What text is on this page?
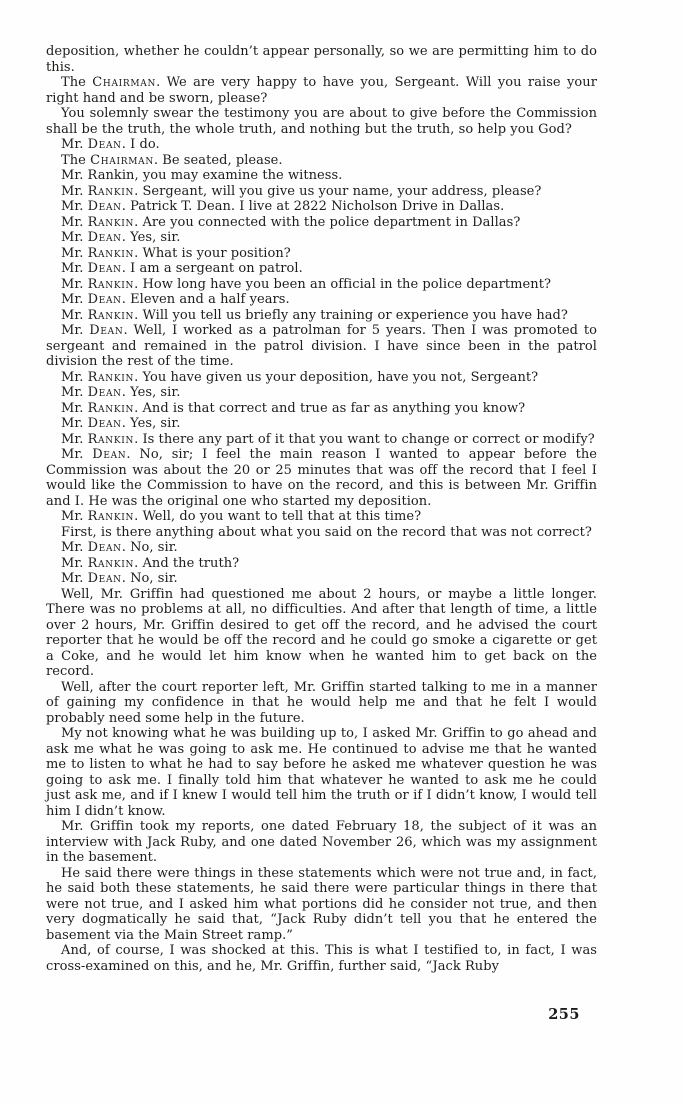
deposition, whether he couldn’t appear personally, so we are permitting him to do this.

The Chairman. We are very happy to have you, Sergeant. Will you raise your right hand and be sworn, please?

You solemnly swear the testimony you are about to give before the Commission shall be the truth, the whole truth, and nothing but the truth, so help you God?

Mr. Dean. I do.

The Chairman. Be seated, please.

Mr. Rankin, you may examine the witness.

Mr. Rankin. Sergeant, will you give us your name, your address, please?

Mr. Dean. Patrick T. Dean. I live at 2822 Nicholson Drive in Dallas.

Mr. Rankin. Are you connected with the police department in Dallas?

Mr. Dean. Yes, sir.

Mr. Rankin. What is your position?

Mr. Dean. I am a sergeant on patrol.

Mr. Rankin. How long have you been an official in the police department?

Mr. Dean. Eleven and a half years.

Mr. Rankin. Will you tell us briefly any training or experience you have had?

Mr. Dean. Well, I worked as a patrolman for 5 years. Then I was promoted to sergeant and remained in the patrol division. I have since been in the patrol division the rest of the time.

Mr. Rankin. You have given us your deposition, have you not, Sergeant?

Mr. Dean. Yes, sir.

Mr. Rankin. And is that correct and true as far as anything you know?

Mr. Dean. Yes, sir.

Mr. Rankin. Is there any part of it that you want to change or correct or modify?

Mr. Dean. No, sir; I feel the main reason I wanted to appear before the Commission was about the 20 or 25 minutes that was off the record that I feel I would like the Commission to have on the record, and this is between Mr. Griffin and I. He was the original one who started my deposition.

Mr. Rankin. Well, do you want to tell that at this time?

First, is there anything about what you said on the record that was not correct?

Mr. Dean. No, sir.

Mr. Rankin. And the truth?

Mr. Dean. No, sir.

Well, Mr. Griffin had questioned me about 2 hours, or maybe a little longer. There was no problems at all, no difficulties. And after that length of time, a little over 2 hours, Mr. Griffin desired to get off the record, and he advised the court reporter that he would be off the record and he could go smoke a cigarette or get a Coke, and he would let him know when he wanted him to get back on the record.

Well, after the court reporter left, Mr. Griffin started talking to me in a manner of gaining my confidence in that he would help me and that he felt I would probably need some help in the future.

My not knowing what he was building up to, I asked Mr. Griffin to go ahead and ask me what he was going to ask me. He continued to advise me that he wanted me to listen to what he had to say before he asked me whatever question he was going to ask me. I finally told him that whatever he wanted to ask me he could just ask me, and if I knew I would tell him the truth or if I didn’t know, I would tell him I didn’t know.

Mr. Griffin took my reports, one dated February 18, the subject of it was an interview with Jack Ruby, and one dated November 26, which was my assignment in the basement.

He said there were things in these statements which were not true and, in fact, he said both these statements, he said there were particular things in there that were not true, and I asked him what portions did he consider not true, and then very dogmatically he said that, “Jack Ruby didn’t tell you that he entered the basement via the Main Street ramp.”

And, of course, I was shocked at this. This is what I testified to, in fact, I was cross-examined on this, and he, Mr. Griffin, further said, “Jack Ruby

255
